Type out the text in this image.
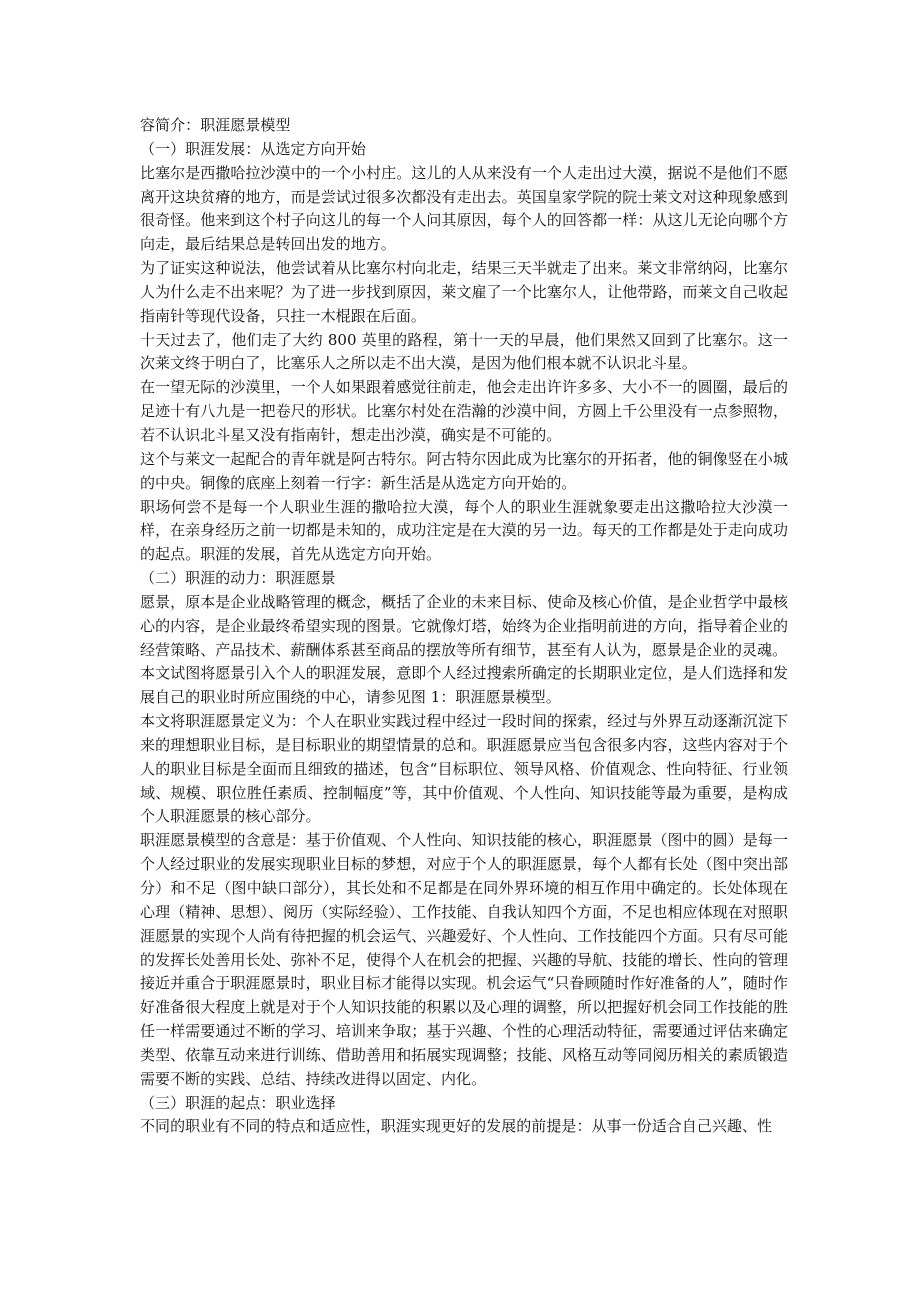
容简介：职涯愿景模型

（一）职涯发展：从选定方向开始

比塞尔是西撒哈拉沙漠中的一个小村庄。这儿的人从来没有一个人走出过大漠，据说不是他们不愿离开这块贫瘠的地方，而是尝试过很多次都没有走出去。英国皇家学院的院士莱文对这种现象感到很奇怪。他来到这个村子向这儿的每一个人问其原因，每个人的回答都一样：从这儿无论向哪个方向走，最后结果总是转回出发的地方。

为了证实这种说法，他尝试着从比塞尔村向北走，结果三天半就走了出来。莱文非常纳闷，比塞尔人为什么走不出来呢？为了进一步找到原因，莱文雇了一个比塞尔人，让他带路，而莱文自己收起指南针等现代设备，只拄一木棍跟在后面。

十天过去了，他们走了大约 800 英里的路程，第十一天的早晨，他们果然又回到了比塞尔。这一次莱文终于明白了，比塞乐人之所以走不出大漠，是因为他们根本就不认识北斗星。

在一望无际的沙漠里，一个人如果跟着感觉往前走，他会走出许许多多、大小不一的圆圈，最后的足迹十有八九是一把卷尺的形状。比塞尔村处在浩瀚的沙漠中间，方圆上千公里没有一点参照物，若不认识北斗星又没有指南针，想走出沙漠，确实是不可能的。

这个与莱文一起配合的青年就是阿古特尔。阿古特尔因此成为比塞尔的开拓者，他的铜像竖在小城的中央。铜像的底座上刻着一行字：新生活是从选定方向开始的。

职场何尝不是每一个人职业生涯的撒哈拉大漠，每个人的职业生涯就象要走出这撒哈拉大沙漠一样，在亲身经历之前一切都是未知的，成功注定是在大漠的另一边。每天的工作都是处于走向成功的起点。职涯的发展，首先从选定方向开始。

（二）职涯的动力：职涯愿景

愿景，原本是企业战略管理的概念，概括了企业的未来目标、使命及核心价值，是企业哲学中最核心的内容，是企业最终希望实现的图景。它就像灯塔，始终为企业指明前进的方向，指导着企业的经营策略、产品技术、薪酬体系甚至商品的摆放等所有细节，甚至有人认为，愿景是企业的灵魂。

本文试图将愿景引入个人的职涯发展，意即个人经过搜索所确定的长期职业定位，是人们选择和发展自己的职业时所应围绕的中心，请参见图 1：职涯愿景模型。

本文将职涯愿景定义为：个人在职业实践过程中经过一段时间的探索，经过与外界互动逐渐沉淀下来的理想职业目标，是目标职业的期望情景的总和。职涯愿景应当包含很多内容，这些内容对于个人的职业目标是全面而且细致的描述，包含“目标职位、领导风格、价值观念、性向特征、行业领域、规模、职位胜任素质、控制幅度”等，其中价值观、个人性向、知识技能等最为重要，是构成个人职涯愿景的核心部分。

职涯愿景模型的含意是：基于价值观、个人性向、知识技能的核心，职涯愿景（图中的圆）是每一个人经过职业的发展实现职业目标的梦想，对应于个人的职涯愿景，每个人都有长处（图中突出部分）和不足（图中缺口部分），其长处和不足都是在同外界环境的相互作用中确定的。长处体现在心理（精神、思想）、阅历（实际经验）、工作技能、自我认知四个方面，不足也相应体现在对照职涯愿景的实现个人尚有待把握的机会运气、兴趣爱好、个人性向、工作技能四个方面。只有尽可能的发挥长处善用长处、弥补不足，使得个人在机会的把握、兴趣的导航、技能的增长、性向的管理接近并重合于职涯愿景时，职业目标才能得以实现。机会运气“只眷顾随时作好准备的人”，随时作好准备很大程度上就是对于个人知识技能的积累以及心理的调整，所以把握好机会同工作技能的胜任一样需要通过不断的学习、培训来争取；基于兴趣、个性的心理活动特征，需要通过评估来确定类型、依靠互动来进行训练、借助善用和拓展实现调整；技能、风格互动等同阅历相关的素质锻造需要不断的实践、总结、持续改进得以固定、内化。

（三）职涯的起点：职业选择

不同的职业有不同的特点和适应性，职涯实现更好的发展的前提是：从事一份适合自己兴趣、性
